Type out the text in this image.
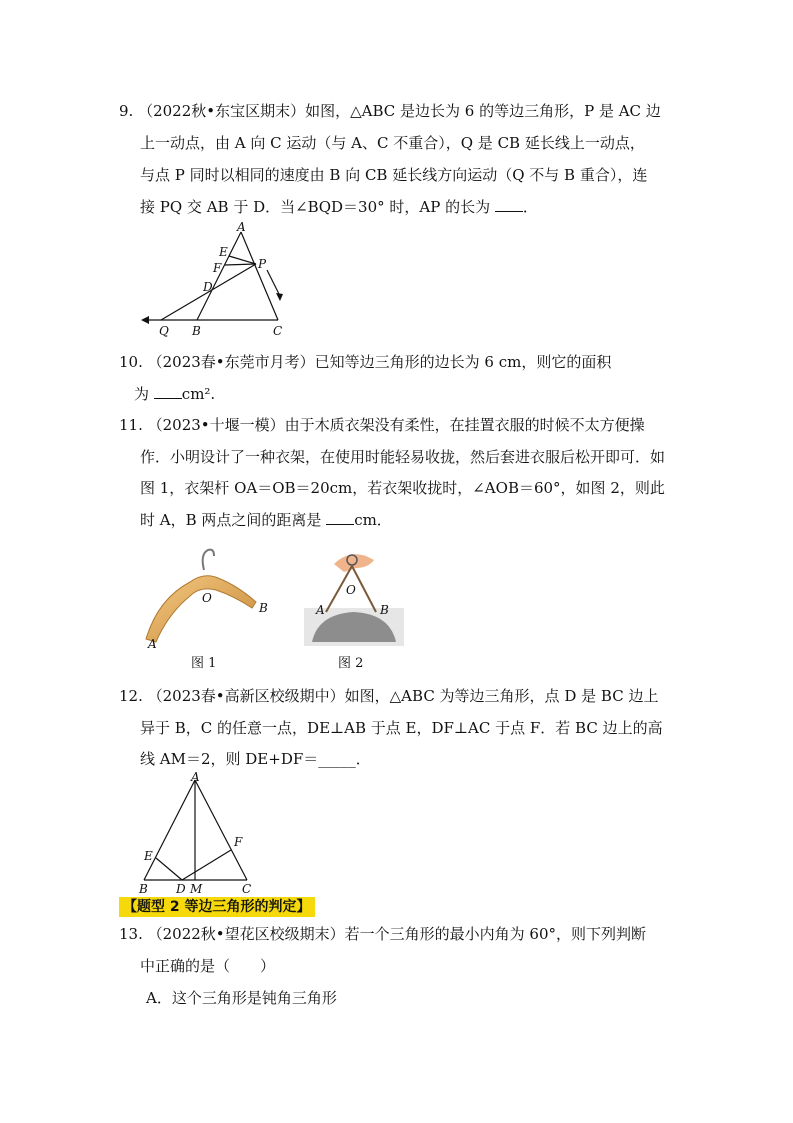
9. （2022秋•东宝区期末）如图，△ABC 是边长为 6 的等边三角形，P 是 AC 边
上一动点，由 A 向 C 运动（与 A、C 不重合），Q 是 CB 延长线上一动点，
与点 P 同时以相同的速度由 B 向 CB 延长线方向运动（Q 不与 B 重合），连
接 PQ 交 AB 于 D．当∠BQD＝30° 时，AP 的长为 ．
A
E
F	P
D
Q B	C
10. （2023春•东莞市月考）已知等边三角形的边长为 6 cm，则它的面积
为 cm².
11. （2023•十堰一模）由于木质衣架没有柔性，在挂置衣服的时候不太方便操
作．小明设计了一种衣架，在使用时能轻易收拢，然后套进衣服后松开即可．如
图 1，衣架杆 OA＝OB＝20cm，若衣架收拢时，∠AOB＝60°，如图 2，则此
时 A，B 两点之间的距离是 cm．
O
B
A
图 1
O
A	B
图 2
12. （2023春•高新区校级期中）如图，△ABC 为等边三角形，点 D 是 BC 边上
异于 B，C 的任意一点，DE⊥AB 于点 E，DF⊥AC 于点 F．若 BC 边上的高
线 AM＝2，则 DE+DF＝_____．
A
E
F
B D M	C
【题型 2 等边三角形的判定】
13. （2022秋•望花区校级期末）若一个三角形的最小内角为 60°，则下列判断
中正确的是（　　）
A．这个三角形是钝角三角形
